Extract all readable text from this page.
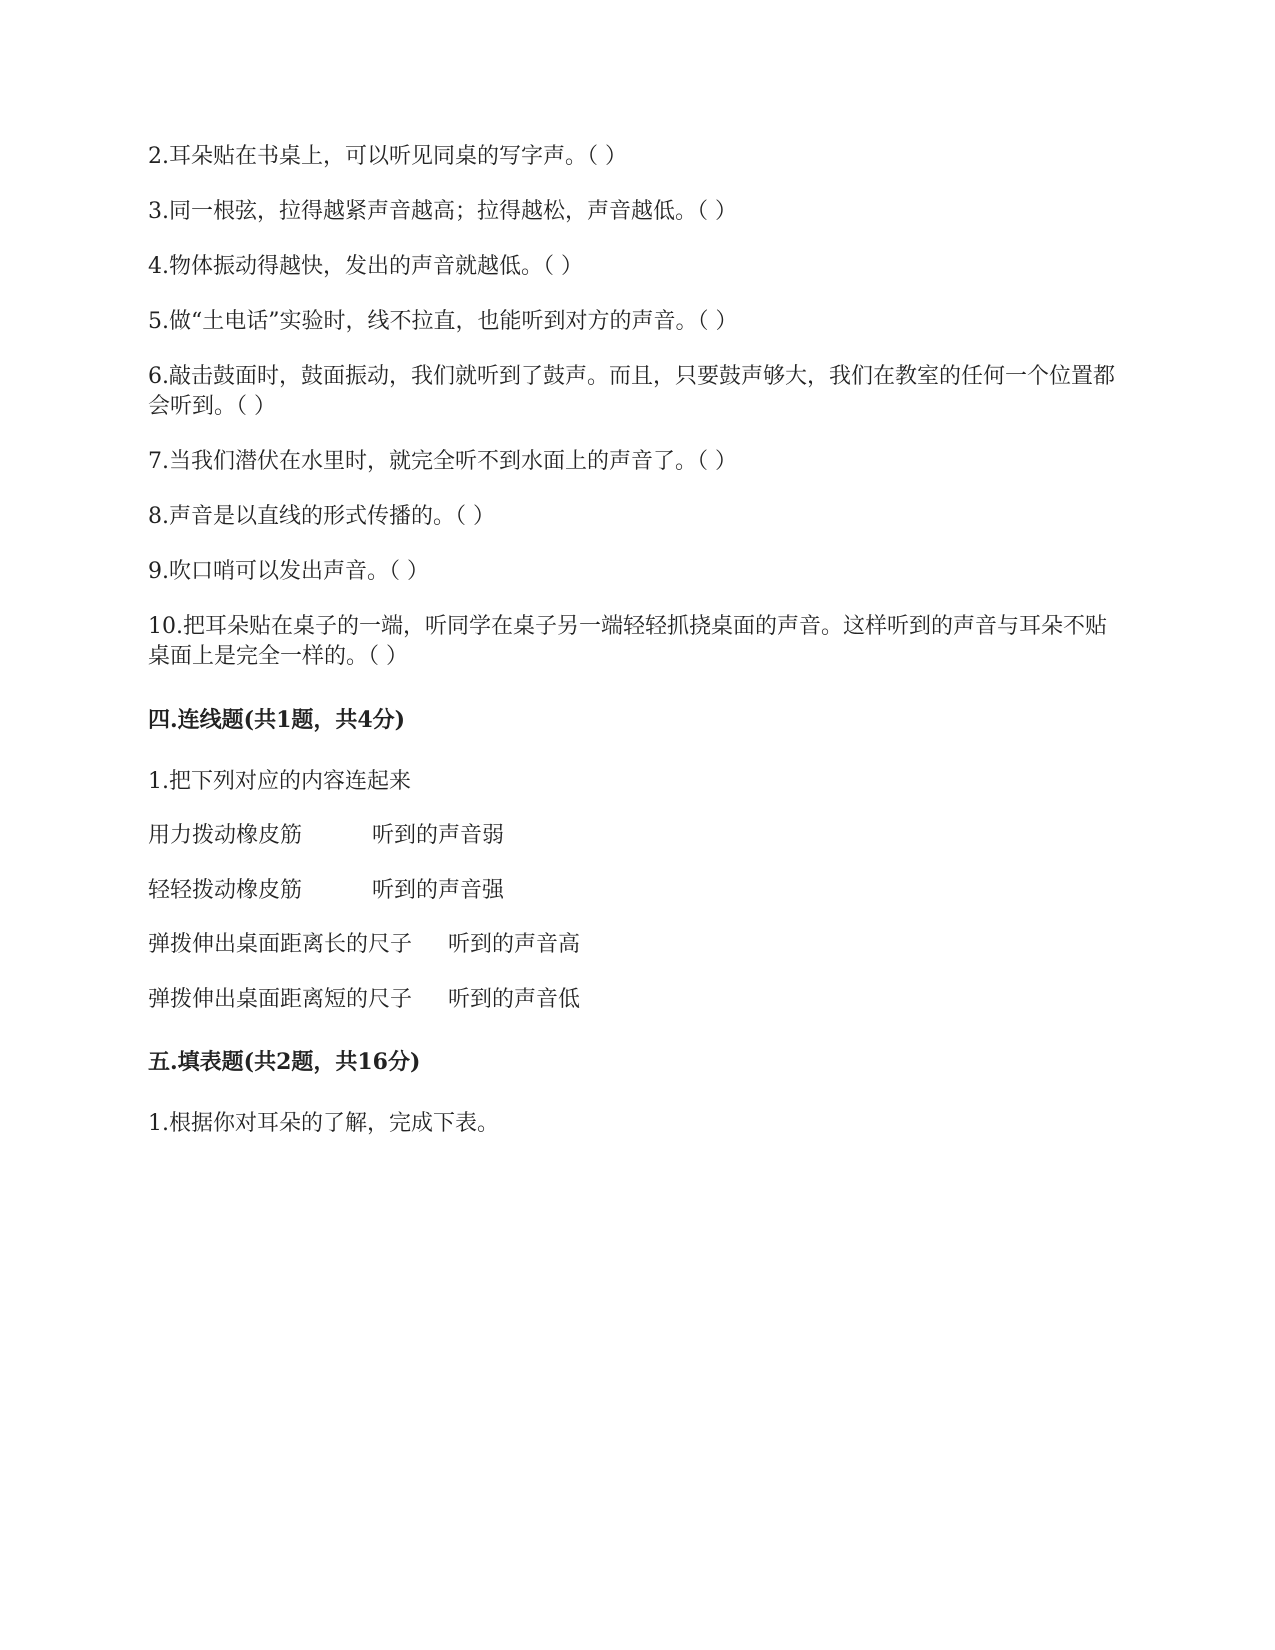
2.耳朵贴在书桌上，可以听见同桌的写字声。（ ）
3.同一根弦，拉得越紧声音越高；拉得越松，声音越低。（ ）
4.物体振动得越快，发出的声音就越低。（ ）
5.做“土电话”实验时，线不拉直，也能听到对方的声音。（ ）
6.敲击鼓面时，鼓面振动，我们就听到了鼓声。而且，只要鼓声够大，我们在教室的任何一个位置都会听到。（ ）
7.当我们潜伏在水里时，就完全听不到水面上的声音了。（ ）
8.声音是以直线的形式传播的。（ ）
9.吹口哨可以发出声音。（ ）
10.把耳朵贴在桌子的一端，听同学在桌子另一端轻轻抓挠桌面的声音。这样听到的声音与耳朵不贴桌面上是完全一样的。（ ）
四.连线题(共1题，共4分)
1.把下列对应的内容连起来
用力拨动橡皮筋	听到的声音弱
轻轻拨动橡皮筋	听到的声音强
弹拨伸出桌面距离长的尺子 听到的声音高
弹拨伸出桌面距离短的尺子 听到的声音低
五.填表题(共2题，共16分)
1.根据你对耳朵的了解，完成下表。
